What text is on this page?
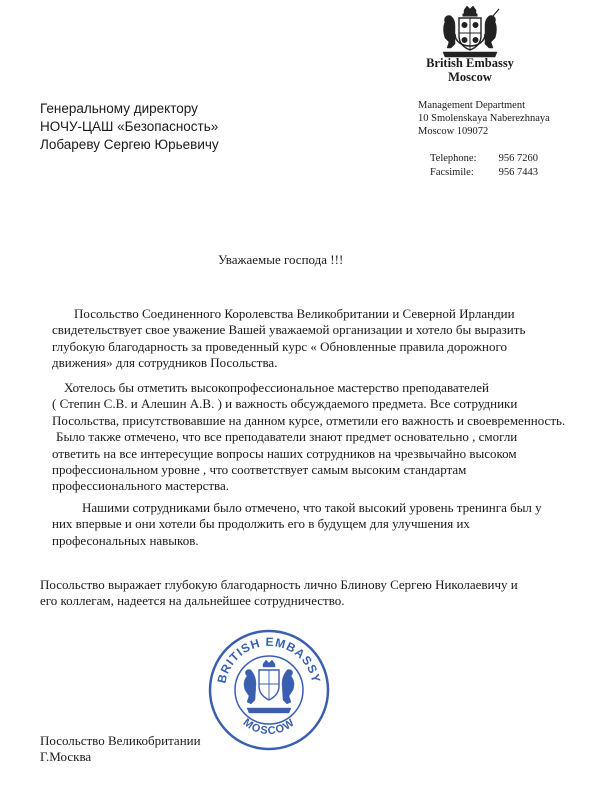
British Embassy
Moscow
Генеральному директору
НОЧУ-ЦАШ «Безопасность»
Лобареву Сергею Юрьевичу
Management Department
10 Smolenskaya Naberezhnaya
Moscow 109072
Telephone: 956 7260
Facsimile: 956 7443
Уважаемые господа !!!
Посольство Соединенного Королевства Великобритании и Северной Ирландии
свидетельствует свое уважение Вашей уважаемой организации и хотело бы выразить
глубокую благодарность за проведенный курс « Обновленные правила дорожного
движения» для сотрудников Посольства.
Хотелось бы отметить высокопрофессиональное мастерство преподавателей
( Степин С.В. и Алешин А.В. ) и важность обсуждаемого предмета. Все сотрудники
Посольства, присутствовавшие на данном курсе, отметили его важность и своевременность.
Было также отмечено, что все преподаватели знают предмет основательно , смогли
ответить на все интересущие вопросы наших сотрудников на чрезвычайно высоком
профессиональном уровне , что соответствует самым высоким стандартам
профессионального мастерства.
Нашими сотрудниками было отмечено, что такой высокий уровень тренинга был у
них впервые и они хотели бы продолжить его в будущем для улучшения их
професональных навыков.
Посольство выражает глубокую благодарность лично Блинову Сергею Николаевичу и
его коллегам, надеется на дальнейшее сотрудничество.
BRITISH EMBASSY
MOSCOW
Посольство Великобритании
Г.Москва
